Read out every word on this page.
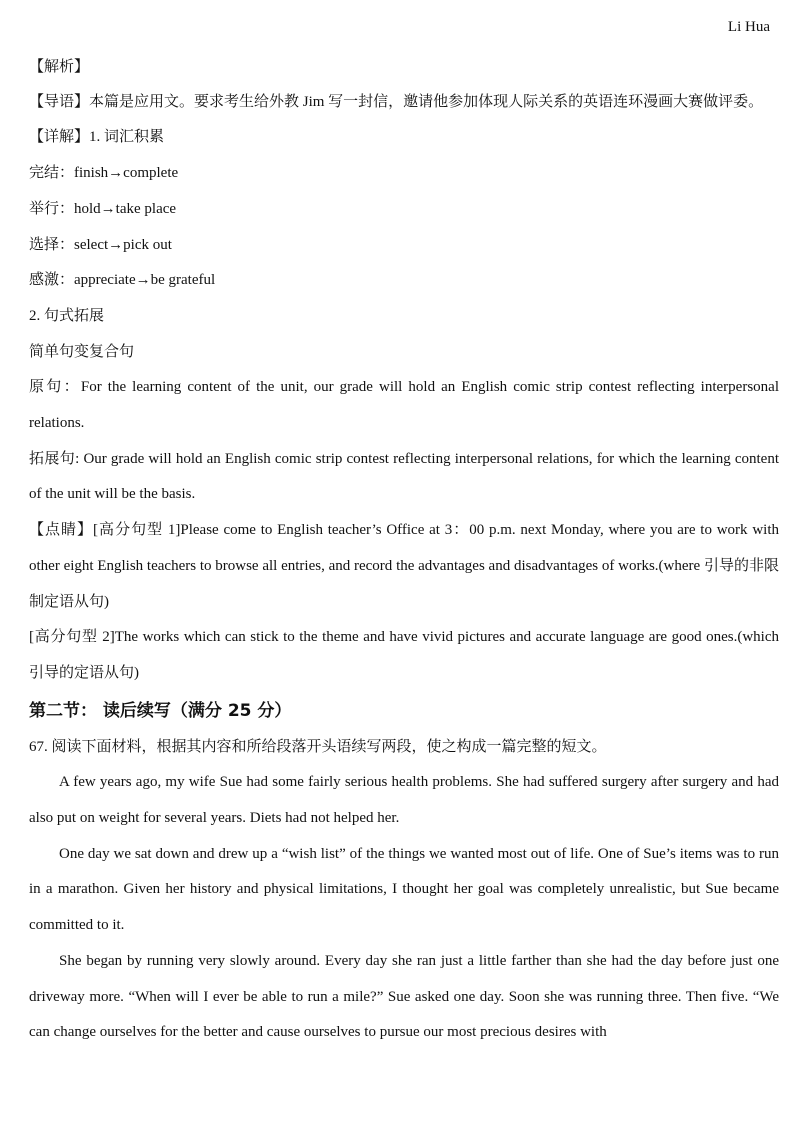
Li Hua

【解析】

【导语】本篇是应用文。要求考生给外教 Jim 写一封信，邀请他参加体现人际关系的英语连环漫画大赛做评委。

【详解】1. 词汇积累

完结：finish→complete

举行：hold→take place

选择：select→pick out

感激：appreciate→be grateful

2. 句式拓展

简单句变复合句

原句：For the learning content of the unit, our grade will hold an English comic strip contest reflecting interpersonal relations.

拓展句: Our grade will hold an English comic strip contest reflecting interpersonal relations, for which the learning content of the unit will be the basis.

【点睛】[高分句型 1]Please come to English teacher’s Office at 3：00 p.m. next Monday, where you are to work with other eight English teachers to browse all entries, and record the advantages and disadvantages of works.(where 引导的非限制定语从句)

[高分句型 2]The works which can stick to the theme and have vivid pictures and accurate language are good ones.(which 引导的定语从句)

第二节： 读后续写（满分 25 分）

67. 阅读下面材料，根据其内容和所给段落开头语续写两段，使之构成一篇完整的短文。

A few years ago, my wife Sue had some fairly serious health problems. She had suffered surgery after surgery and had also put on weight for several years. Diets had not helped her.

One day we sat down and drew up a “wish list” of the things we wanted most out of life. One of Sue’s items was to run in a marathon. Given her history and physical limitations, I thought her goal was completely unrealistic, but Sue became committed to it.

She began by running very slowly around. Every day she ran just a little farther than she had the day before just one driveway more. “When will I ever be able to run a mile?” Sue asked one day. Soon she was running three. Then five. “We can change ourselves for the better and cause ourselves to pursue our most precious desires with
